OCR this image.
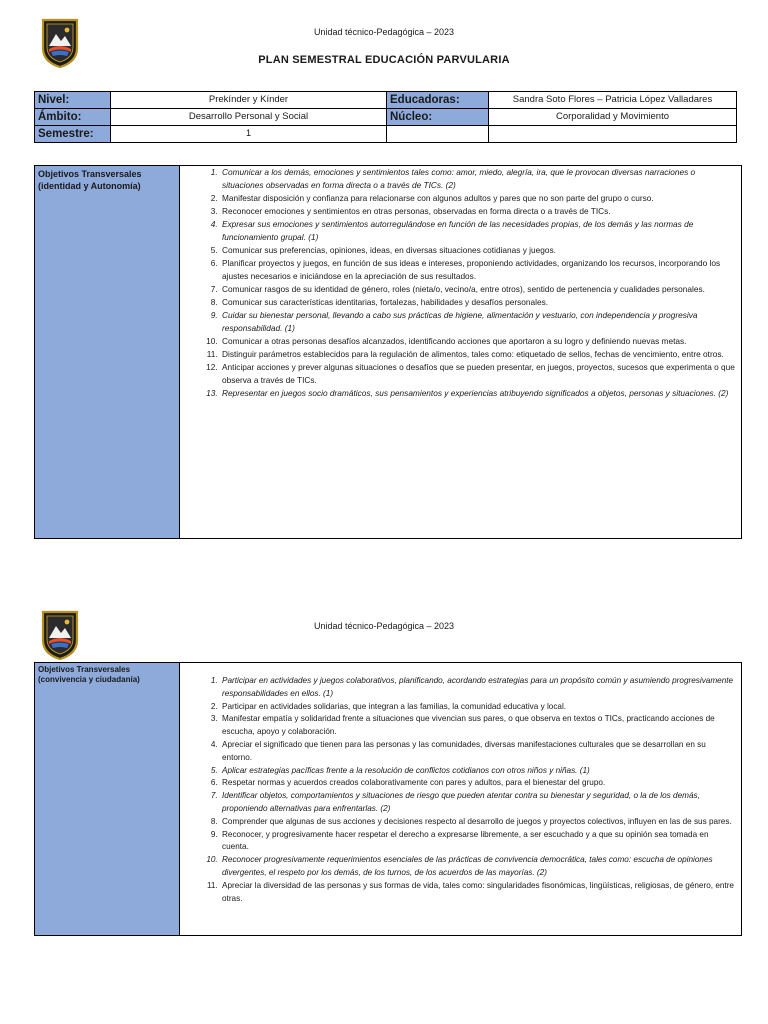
Unidad técnico-Pedagógica – 2023
PLAN SEMESTRAL EDUCACIÓN PARVULARIA
Nivel:	Prekínder y Kínder	Educadoras:	Sandra Soto Flores – Patricia López Valladares
Ámbito:	Desarrollo Personal y Social	Núcleo:	Corporalidad y Movimiento
Semestre:	1		
Objetivos Transversales (identidad y Autonomía)
1. Comunicar a los demás, emociones y sentimientos tales como: amor, miedo, alegría, ira, que le provocan diversas narraciones o situaciones observadas en forma directa o a través de TICs. (2)
2. Manifestar disposición y confianza para relacionarse con algunos adultos y pares que no son parte del grupo o curso.
3. Reconocer emociones y sentimientos en otras personas, observadas en forma directa o a través de TICs.
4. Expresar sus emociones y sentimientos autorregulándose en función de las necesidades propias, de los demás y las normas de funcionamiento grupal. (1)
5. Comunicar sus preferencias, opiniones, ideas, en diversas situaciones cotidianas y juegos.
6. Planificar proyectos y juegos, en función de sus ideas e intereses, proponiendo actividades, organizando los recursos, incorporando los ajustes necesarios e iniciándose en la apreciación de sus resultados.
7. Comunicar rasgos de su identidad de género, roles (nieta/o, vecino/a, entre otros), sentido de pertenencia y cualidades personales.
8. Comunicar sus características identitarias, fortalezas, habilidades y desafíos personales.
9. Cuidar su bienestar personal, llevando a cabo sus prácticas de higiene, alimentación y vestuario, con independencia y progresiva responsabilidad. (1)
10. Comunicar a otras personas desafíos alcanzados, identificando acciones que aportaron a su logro y definiendo nuevas metas.
11. Distinguir parámetros establecidos para la regulación de alimentos, tales como: etiquetado de sellos, fechas de vencimiento, entre otros.
12. Anticipar acciones y prever algunas situaciones o desafíos que se pueden presentar, en juegos, proyectos, sucesos que experimenta o que observa a través de TICs.
13. Representar en juegos socio dramáticos, sus pensamientos y experiencias atribuyendo significados a objetos, personas y situaciones. (2)
Unidad técnico-Pedagógica – 2023
Objetivos Transversales (convivencia y ciudadanía)	1. Participar en actividades y juegos colaborativos, planificando, acordando estrategias para un propósito común y asumiendo progresivamente responsabilidades en ellos. (1)
2. Participar en actividades solidarias, que integran a las familias, la comunidad educativa y local.
3. Manifestar empatía y solidaridad frente a situaciones que vivencian sus pares, o que observa en textos o TICs, practicando acciones de escucha, apoyo y colaboración.
4. Apreciar el significado que tienen para las personas y las comunidades, diversas manifestaciones culturales que se desarrollan en su entorno.
5. Aplicar estrategias pacíficas frente a la resolución de conflictos cotidianos con otros niños y niñas. (1)
6. Respetar normas y acuerdos creados colaborativamente con pares y adultos, para el bienestar del grupo.
7. Identificar objetos, comportamientos y situaciones de riesgo que pueden atentar contra su bienestar y seguridad, o la de los demás, proponiendo alternativas para enfrentarlas. (2)
8. Comprender que algunas de sus acciones y decisiones respecto al desarrollo de juegos y proyectos colectivos, influyen en las de sus pares.
9. Reconocer, y progresivamente hacer respetar el derecho a expresarse libremente, a ser escuchado y a que su opinión sea tomada en cuenta.
10. Reconocer progresivamente requerimientos esenciales de las prácticas de convivencia democrática, tales como: escucha de opiniones divergentes, el respeto por los demás, de los turnos, de los acuerdos de las mayorías. (2)
11. Apreciar la diversidad de las personas y sus formas de vida, tales como: singularidades fisonómicas, lingüísticas, religiosas, de género, entre otras.
